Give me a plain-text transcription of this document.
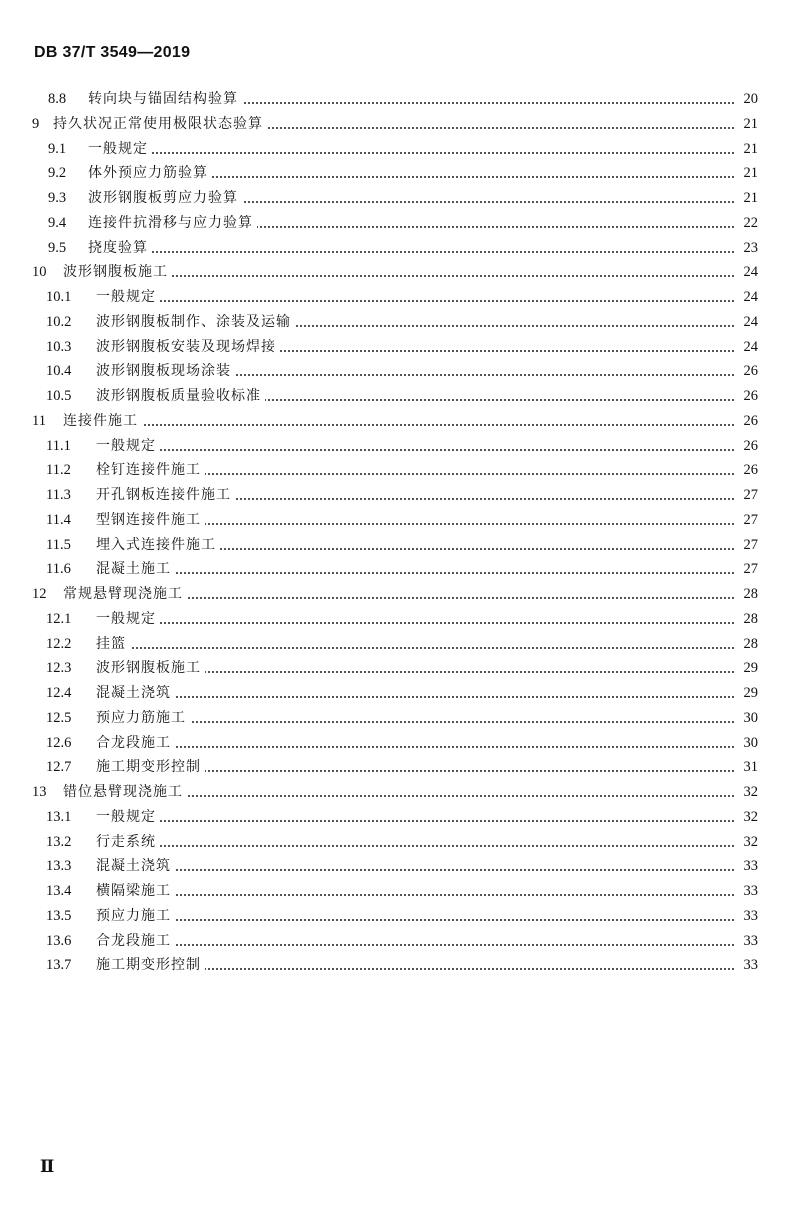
DB 37/T 3549—2019
8.8 转向块与锚固结构验算	20
9 持久状况正常使用极限状态验算	21
9.1 一般规定	21
9.2 体外预应力筋验算	21
9.3 波形钢腹板剪应力验算	21
9.4 连接件抗滑移与应力验算	22
9.5 挠度验算	23
10 波形钢腹板施工	24
10.1 一般规定	24
10.2 波形钢腹板制作、涂装及运输	24
10.3 波形钢腹板安装及现场焊接	24
10.4 波形钢腹板现场涂装	26
10.5 波形钢腹板质量验收标准	26
11 连接件施工	26
11.1 一般规定	26
11.2 栓钉连接件施工	26
11.3 开孔钢板连接件施工	27
11.4 型钢连接件施工	27
11.5 埋入式连接件施工	27
11.6 混凝土施工	27
12 常规悬臂现浇施工	28
12.1 一般规定	28
12.2 挂篮	28
12.3 波形钢腹板施工	29
12.4 混凝土浇筑	29
12.5 预应力筋施工	30
12.6 合龙段施工	30
12.7 施工期变形控制	31
13 错位悬臂现浇施工	32
13.1 一般规定	32
13.2 行走系统	32
13.3 混凝土浇筑	33
13.4 横隔梁施工	33
13.5 预应力施工	33
13.6 合龙段施工	33
13.7 施工期变形控制	33
Ⅱ
